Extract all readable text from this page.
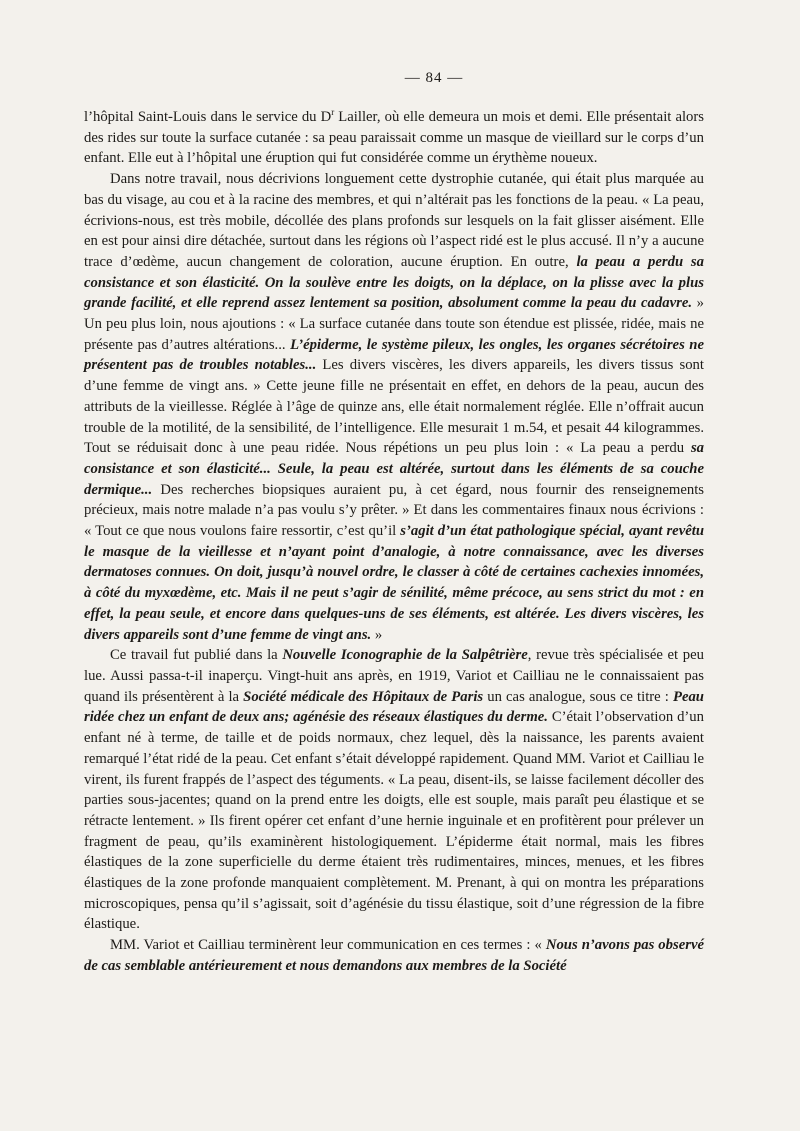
— 84 —

l’hôpital Saint-Louis dans le service du $D^r$ Lailler, où elle demeura un mois et demi. Elle présentait alors des rides sur toute la surface cutanée : sa peau paraissait comme un masque de vieillard sur le corps d’un enfant. Elle eut à l’hôpital une éruption qui fut considérée comme un érythème noueux.

Dans notre travail, nous décrivions longuement cette dystrophie cutanée, qui était plus marquée au bas du visage, au cou et à la racine des membres, et qui n’altérait pas les fonctions de la peau. « La peau, écrivions-nous, est très mobile, décollée des plans profonds sur lesquels on la fait glisser aisément. Elle en est pour ainsi dire détachée, surtout dans les régions où l’aspect ridé est le plus accusé. Il n’y a aucune trace d’œdème, aucun changement de coloration, aucune éruption. En outre, la peau a perdu sa consistance et son élasticité. On la soulève entre les doigts, on la déplace, on la plisse avec la plus grande facilité, et elle reprend assez lentement sa position, absolument comme la peau du cadavre. » Un peu plus loin, nous ajoutions : « La surface cutanée dans toute son étendue est plissée, ridée, mais ne présente pas d’autres altérations... L’épiderme, le système pileux, les ongles, les organes sécrétoires ne présentent pas de troubles notables... Les divers viscères, les divers appareils, les divers tissus sont d’une femme de vingt ans. » Cette jeune fille ne présentait en effet, en dehors de la peau, aucun des attributs de la vieillesse. Réglée à l’âge de quinze ans, elle était normalement réglée. Elle n’offrait aucun trouble de la motilité, de la sensibilité, de l’intelligence. Elle mesurait 1 m.54, et pesait 44 kilogrammes. Tout se réduisait donc à une peau ridée. Nous répétions un peu plus loin : « La peau a perdu sa consistance et son élasticité... Seule, la peau est altérée, surtout dans les éléments de sa couche dermique... Des recherches biopsiques auraient pu, à cet égard, nous fournir des renseignements précieux, mais notre malade n’a pas voulu s’y prêter. » Et dans les commentaires finaux nous écrivions : « Tout ce que nous voulons faire ressortir, c’est qu’il s’agit d’un état pathologique spécial, ayant revêtu le masque de la vieillesse et n’ayant point d’analogie, à notre connaissance, avec les diverses dermatoses connues. On doit, jusqu’à nouvel ordre, le classer à côté de certaines cachexies innomées, à côté du myxœdème, etc. Mais il ne peut s’agir de sénilité, même précoce, au sens strict du mot : en effet, la peau seule, et encore dans quelques-uns de ses éléments, est altérée. Les divers viscères, les divers appareils sont d’une femme de vingt ans. »

Ce travail fut publié dans la Nouvelle Iconographie de la Salpêtrière, revue très spécialisée et peu lue. Aussi passa-t-il inaperçu. Vingt-huit ans après, en 1919, Variot et Cailliau ne le connaissaient pas quand ils présentèrent à la Société médicale des Hôpitaux de Paris un cas analogue, sous ce titre : Peau ridée chez un enfant de deux ans; agénésie des réseaux élastiques du derme. C’était l’observation d’un enfant né à terme, de taille et de poids normaux, chez lequel, dès la naissance, les parents avaient remarqué l’état ridé de la peau. Cet enfant s’était développé rapidement. Quand MM. Variot et Cailliau le virent, ils furent frappés de l’aspect des téguments. « La peau, disent-ils, se laisse facilement décoller des parties sous-jacentes; quand on la prend entre les doigts, elle est souple, mais paraît peu élastique et se rétracte lentement. » Ils firent opérer cet enfant d’une hernie inguinale et en profitèrent pour prélever un fragment de peau, qu’ils examinèrent histologiquement. L’épiderme était normal, mais les fibres élastiques de la zone superficielle du derme étaient très rudimentaires, minces, menues, et les fibres élastiques de la zone profonde manquaient complètement. M. Prenant, à qui on montra les préparations microscopiques, pensa qu’il s’agissait, soit d’agénésie du tissu élastique, soit d’une régression de la fibre élastique.

MM. Variot et Cailliau terminèrent leur communication en ces termes : « Nous n’avons pas observé de cas semblable antérieurement et nous demandons aux membres de la Société
